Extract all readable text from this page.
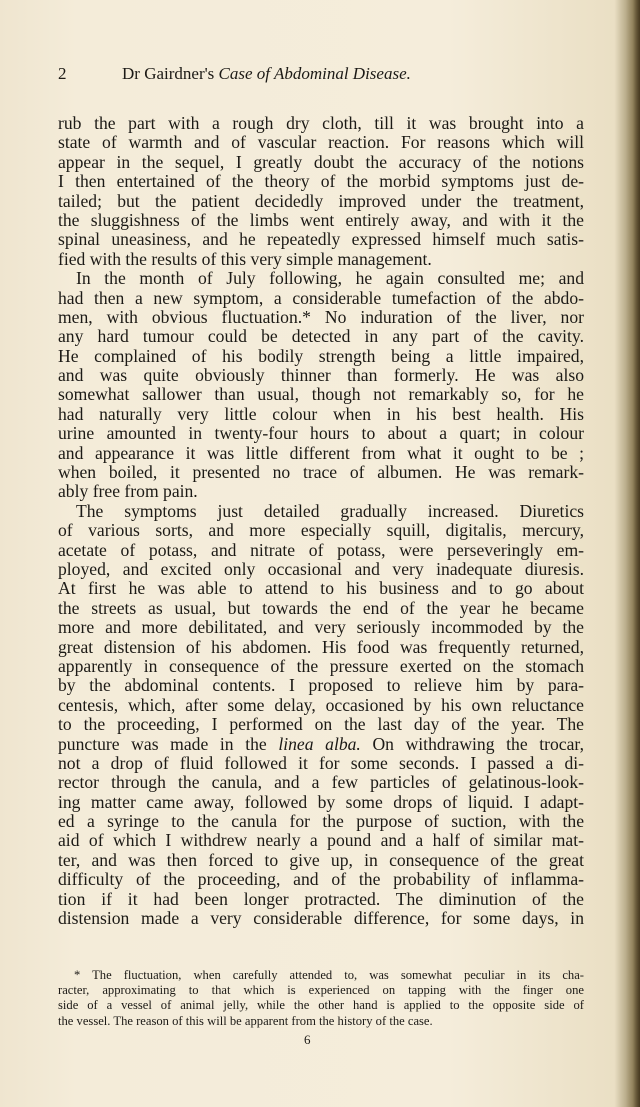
2	Dr Gairdner's Case of Abdominal Disease.
rub the part with a rough dry cloth, till it was brought into a
state of warmth and of vascular reaction. For reasons which will
appear in the sequel, I greatly doubt the accuracy of the notions
I then entertained of the theory of the morbid symptoms just de-
tailed; but the patient decidedly improved under the treatment,
the sluggishness of the limbs went entirely away, and with it the
spinal uneasiness, and he repeatedly expressed himself much satis-
fied with the results of this very simple management.
In the month of July following, he again consulted me; and
had then a new symptom, a considerable tumefaction of the abdo-
men, with obvious fluctuation.* No induration of the liver, nor
any hard tumour could be detected in any part of the cavity.
He complained of his bodily strength being a little impaired,
and was quite obviously thinner than formerly. He was also
somewhat sallower than usual, though not remarkably so, for he
had naturally very little colour when in his best health. His
urine amounted in twenty-four hours to about a quart; in colour
and appearance it was little different from what it ought to be ;
when boiled, it presented no trace of albumen. He was remark-
ably free from pain.
The symptoms just detailed gradually increased. Diuretics
of various sorts, and more especially squill, digitalis, mercury,
acetate of potass, and nitrate of potass, were perseveringly em-
ployed, and excited only occasional and very inadequate diuresis.
At first he was able to attend to his business and to go about
the streets as usual, but towards the end of the year he became
more and more debilitated, and very seriously incommoded by the
great distension of his abdomen. His food was frequently returned,
apparently in consequence of the pressure exerted on the stomach
by the abdominal contents. I proposed to relieve him by para-
centesis, which, after some delay, occasioned by his own reluctance
to the proceeding, I performed on the last day of the year. The
puncture was made in the linea alba. On withdrawing the trocar,
not a drop of fluid followed it for some seconds. I passed a di-
rector through the canula, and a few particles of gelatinous-look-
ing matter came away, followed by some drops of liquid. I adapt-
ed a syringe to the canula for the purpose of suction, with the
aid of which I withdrew nearly a pound and a half of similar mat-
ter, and was then forced to give up, in consequence of the great
difficulty of the proceeding, and of the probability of inflamma-
tion if it had been longer protracted. The diminution of the
distension made a very considerable difference, for some days, in
* The fluctuation, when carefully attended to, was somewhat peculiar in its cha-
racter, approximating to that which is experienced on tapping with the finger one
side of a vessel of animal jelly, while the other hand is applied to the opposite side of
the vessel. The reason of this will be apparent from the history of the case.
6
